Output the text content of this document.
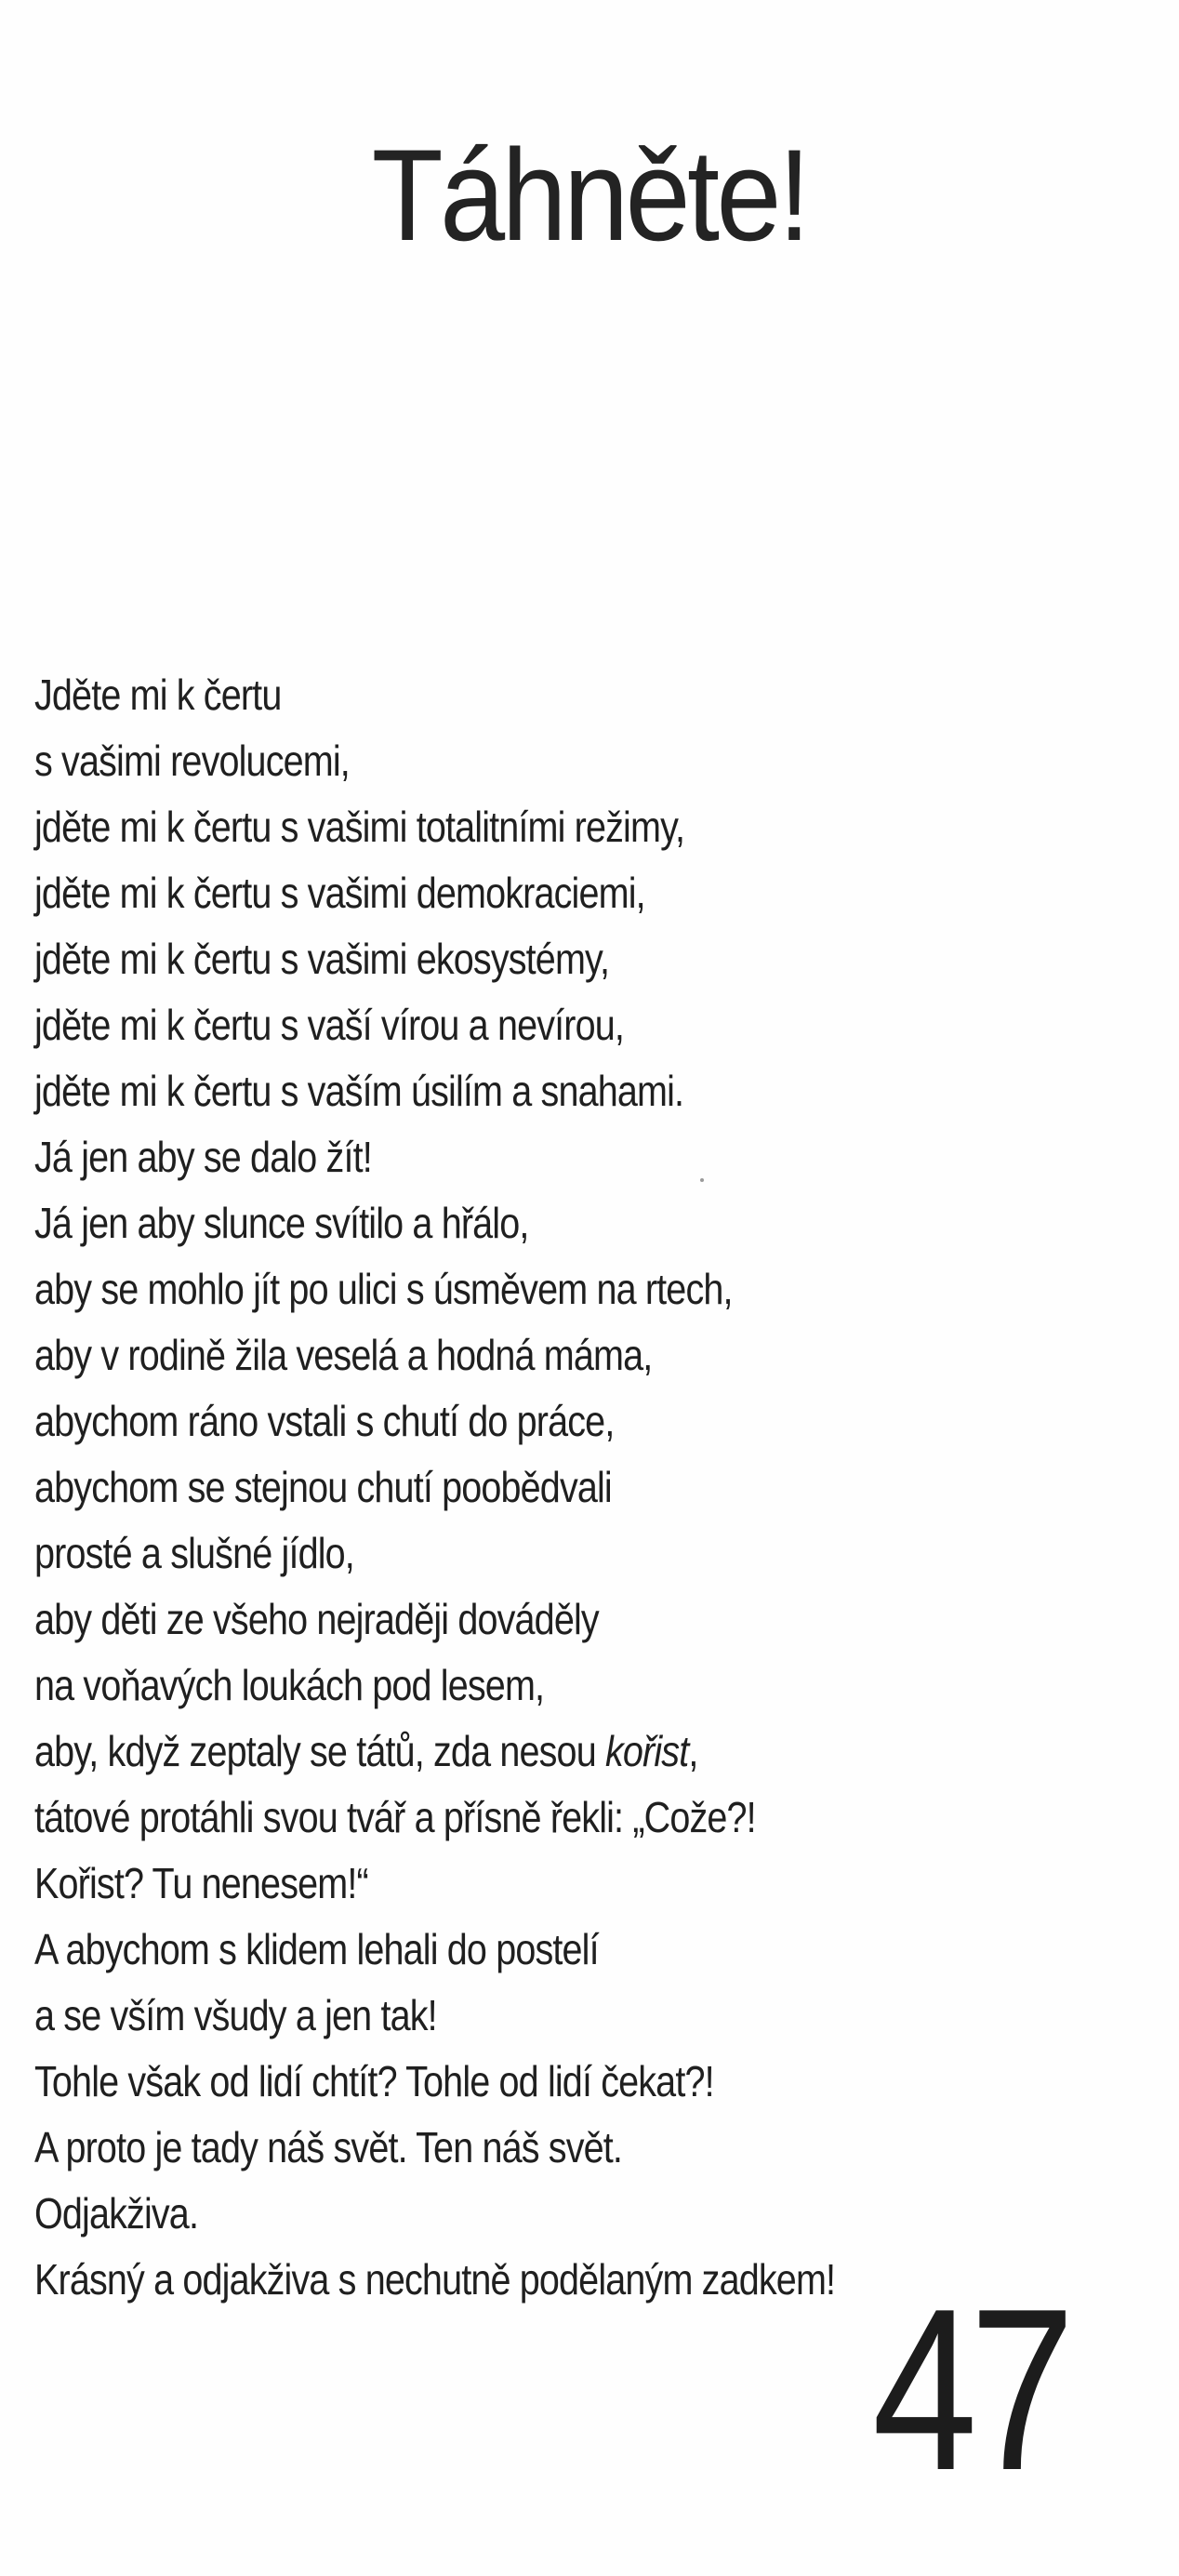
Táhněte!
Jděte mi k čertu
s vašimi revolucemi,
jděte mi k čertu s vašimi totalitními režimy,
jděte mi k čertu s vašimi demokraciemi,
jděte mi k čertu s vašimi ekosystémy,
jděte mi k čertu s vaší vírou a nevírou,
jděte mi k čertu s vaším úsilím a snahami.
Já jen aby se dalo žít!
Já jen aby slunce svítilo a hřálo,
aby se mohlo jít po ulici s úsměvem na rtech,
aby v rodině žila veselá a hodná máma,
abychom ráno vstali s chutí do práce,
abychom se stejnou chutí poobědvali
prosté a slušné jídlo,
aby děti ze všeho nejraději dováděly
na voňavých loukách pod lesem,
aby, když zeptaly se tátů, zda nesou kořist,
tátové protáhli svou tvář a přísně řekli: „Cože?!
Kořist? Tu nenesem!“
A abychom s klidem lehali do postelí
a se vším všudy a jen tak!
Tohle však od lidí chtít? Tohle od lidí čekat?!
A proto je tady náš svět. Ten náš svět.
Odjakživa.
Krásný a odjakživa s nechutně podělaným zadkem! 47
